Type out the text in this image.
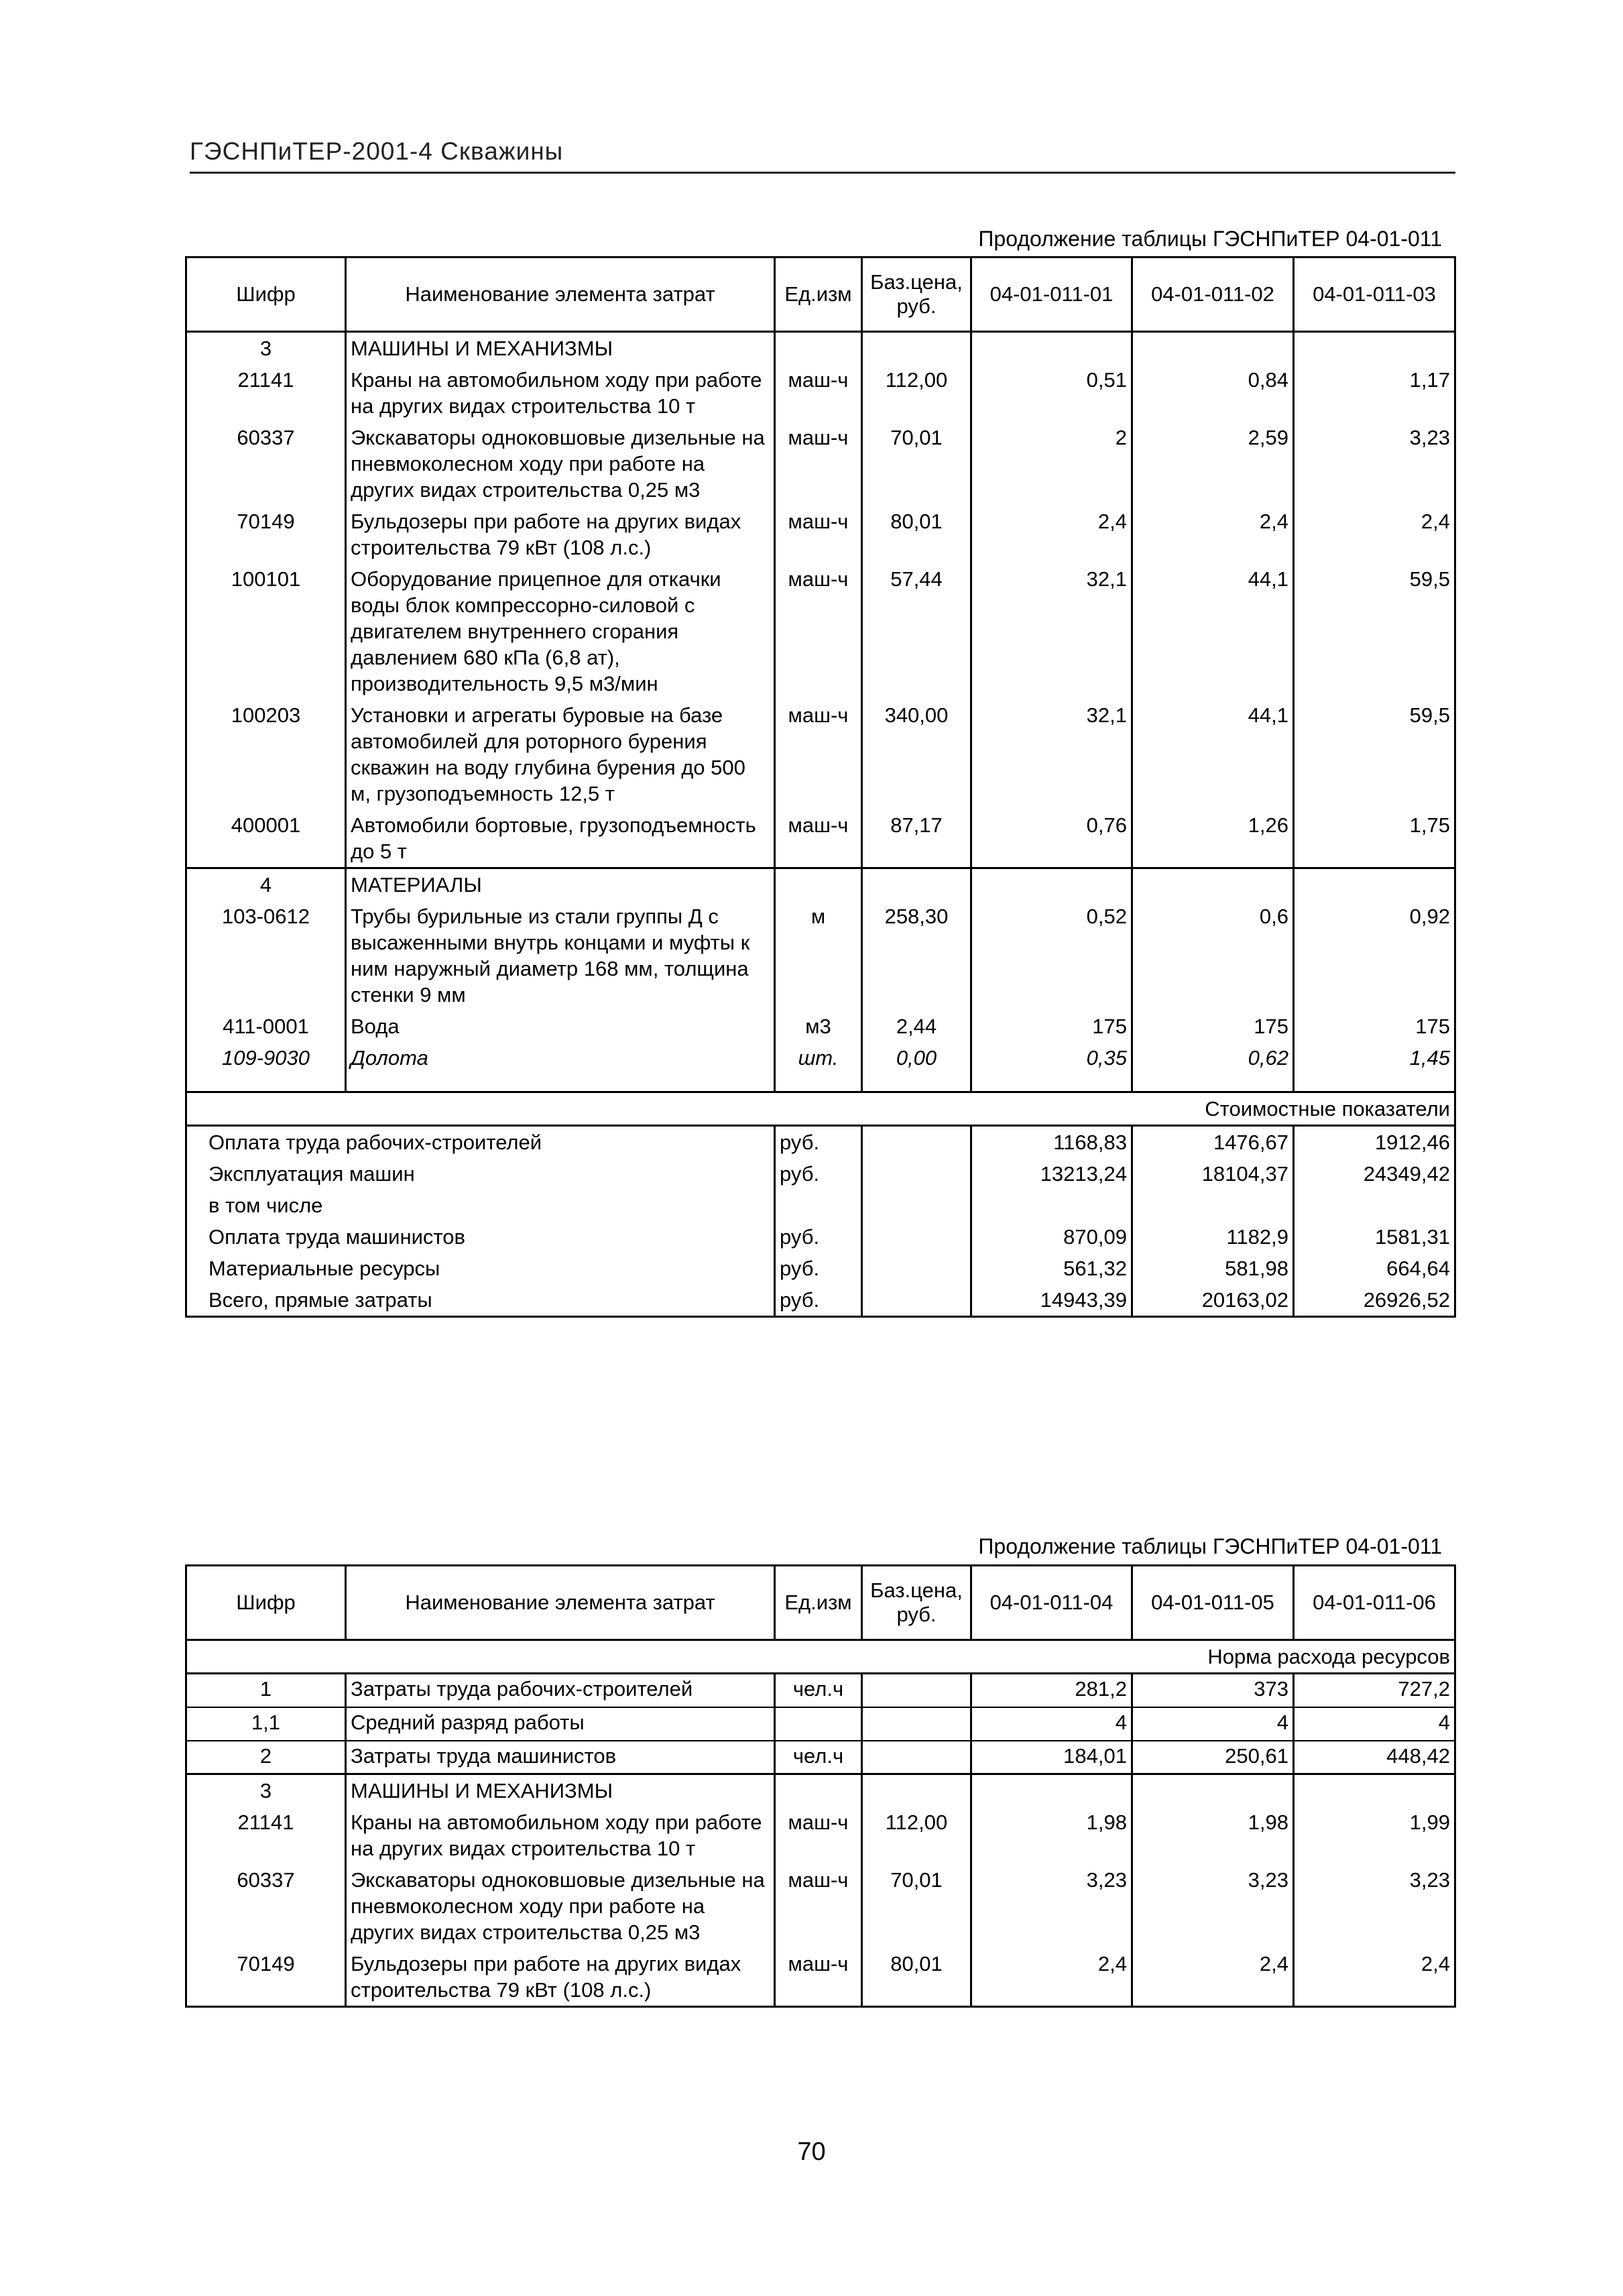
ГЭСНПиТЕР-2001-4 Скважины
Продолжение таблицы ГЭСНПиТЕР 04-01-011
Шифр	Наименование элемента затрат	Ед.изм	Баз.цена, руб.	04-01-011-01	04-01-011-02	04-01-011-03
3	МАШИНЫ И МЕХАНИЗМЫ					
21141	Краны на автомобильном ходу при работе на других видах строительства 10 т	маш-ч	112,00	0,51	0,84	1,17
60337	Экскаваторы одноковшовые дизельные на пневмоколесном ходу при работе на других видах строительства 0,25 м3	маш-ч	70,01	2	2,59	3,23
70149	Бульдозеры при работе на других видах строительства 79 кВт (108 л.с.)	маш-ч	80,01	2,4	2,4	2,4
100101	Оборудование прицепное для откачки воды блок компрессорно-силовой с двигателем внутреннего сгорания давлением 680 кПа (6,8 ат), производительность 9,5 м3/мин	маш-ч	57,44	32,1	44,1	59,5
100203	Установки и агрегаты буровые на базе автомобилей для роторного бурения скважин на воду глубина бурения до 500 м, грузоподъемность 12,5 т	маш-ч	340,00	32,1	44,1	59,5
400001	Автомобили бортовые, грузоподъемность до 5 т	маш-ч	87,17	0,76	1,26	1,75
4	МАТЕРИАЛЫ					
103-0612	Трубы бурильные из стали группы Д с высаженными внутрь концами и муфты к ним наружный диаметр 168 мм, толщина стенки 9 мм	м	258,30	0,52	0,6	0,92
411-0001	Вода	м3	2,44	175	175	175
109-9030	Долота	шт.	0,00	0,35	0,62	1,45

Стоимостные показатели						
Оплата труда рабочих-строителей		руб.		1168,83	1476,67	1912,46
Эксплуатация машин		руб.		13213,24	18104,37	24349,42
в том числе						
Оплата труда машинистов		руб.		870,09	1182,9	1581,31
Материальные ресурсы		руб.		561,32	581,98	664,64
Всего, прямые затраты		руб.		14943,39	20163,02	26926,52
Продолжение таблицы ГЭСНПиТЕР 04-01-011
Шифр	Наименование элемента затрат	Ед.изм	Баз.цена, руб.	04-01-011-04	04-01-011-05	04-01-011-06
Норма расхода ресурсов						
1	Затраты труда рабочих-строителей	чел.ч		281,2	373	727,2
1,1	Средний разряд работы			4	4	4
2	Затраты труда машинистов	чел.ч		184,01	250,61	448,42
3	МАШИНЫ И МЕХАНИЗМЫ					
21141	Краны на автомобильном ходу при работе на других видах строительства 10 т	маш-ч	112,00	1,98	1,98	1,99
60337	Экскаваторы одноковшовые дизельные на пневмоколесном ходу при работе на других видах строительства 0,25 м3	маш-ч	70,01	3,23	3,23	3,23
70149	Бульдозеры при работе на других видах строительства 79 кВт (108 л.с.)	маш-ч	80,01	2,4	2,4	2,4
70
